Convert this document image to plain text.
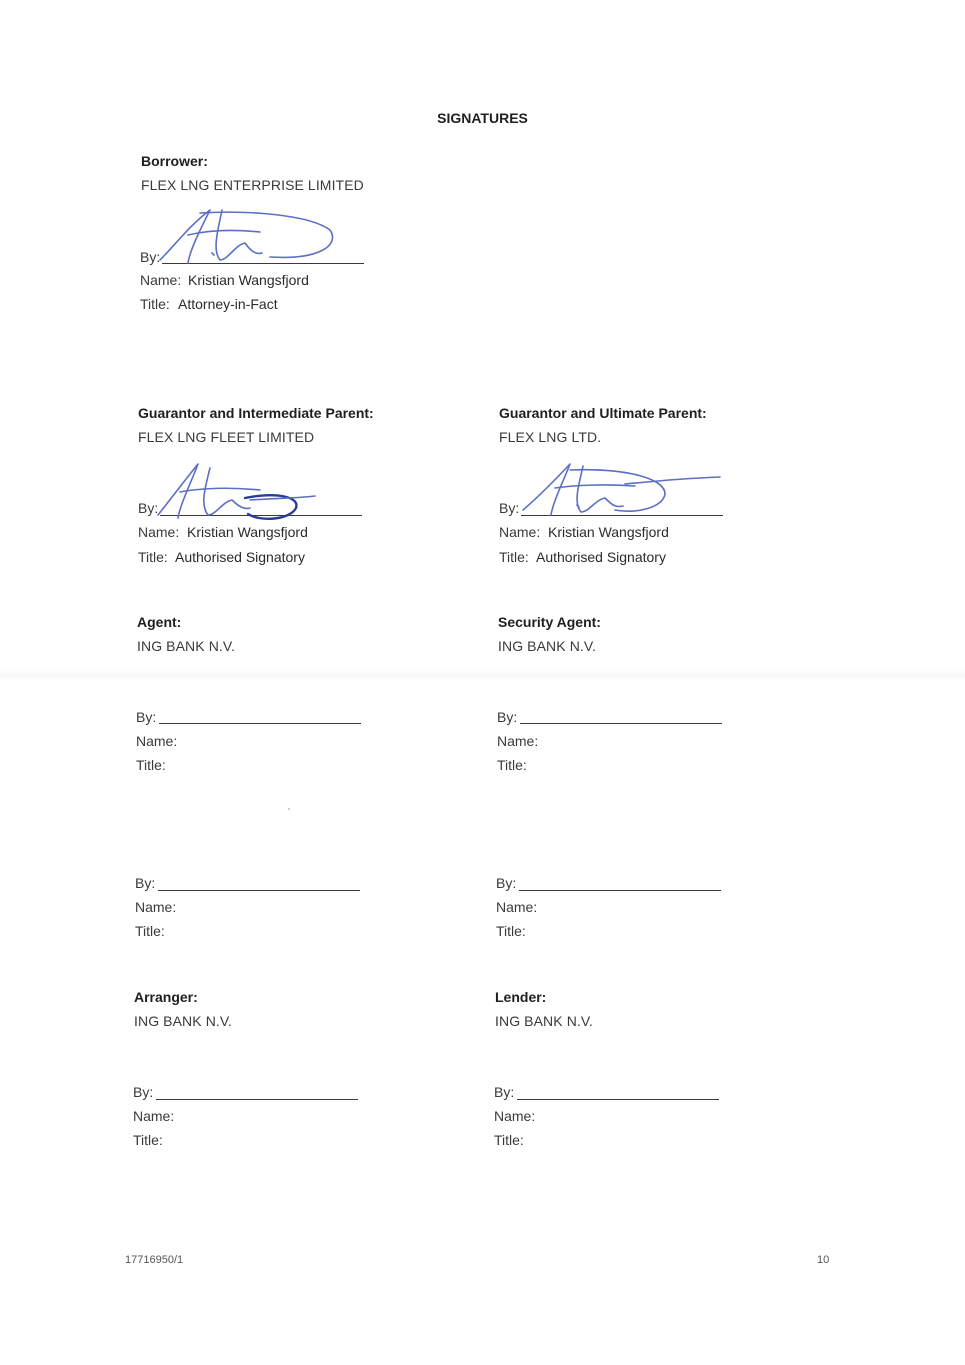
SIGNATURES
Borrower:
FLEX LNG ENTERPRISE LIMITED
By:
Name: Kristian Wangsfjord
Title: Attorney-in-Fact
Guarantor and Intermediate Parent:
FLEX LNG FLEET LIMITED
By:
Name: Kristian Wangsfjord
Title: Authorised Signatory
Guarantor and Ultimate Parent:
FLEX LNG LTD.
By:
Name: Kristian Wangsfjord
Title: Authorised Signatory
Agent:
ING BANK N.V.
By:
Name:
Title:
By:
Name:
Title:
Security Agent:
ING BANK N.V.
By:
Name:
Title:
By:
Name:
Title:
Arranger:
ING BANK N.V.
By:
Name:
Title:
Lender:
ING BANK N.V.
By:
Name:
Title:
17716950/1	10
